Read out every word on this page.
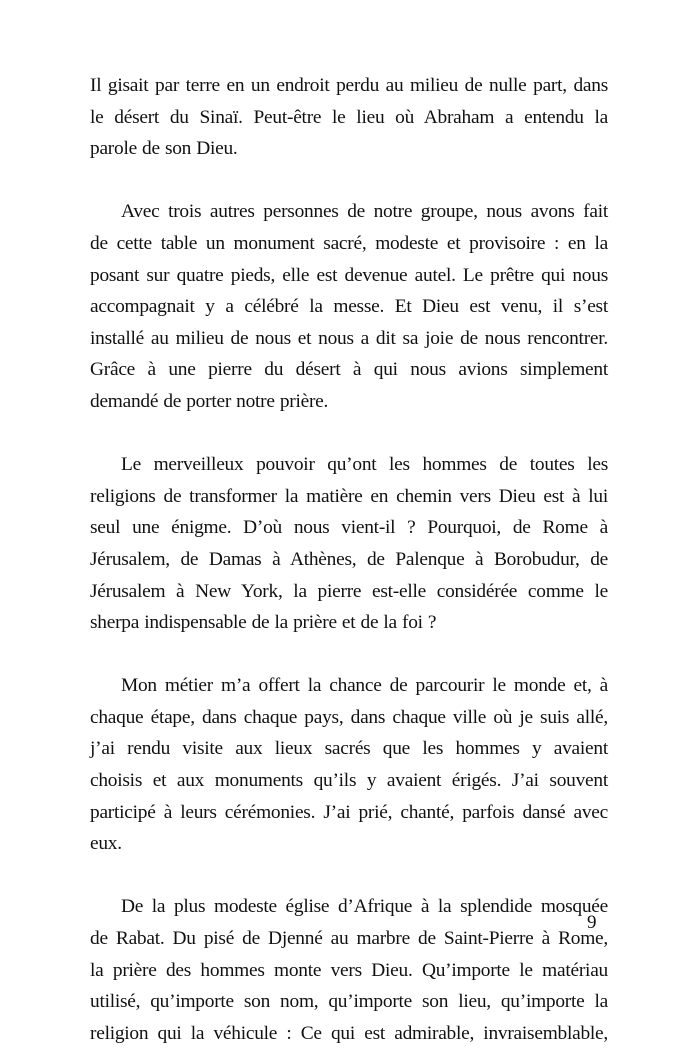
Il gisait par terre en un endroit perdu au milieu de nulle part, dans
le désert du Sinaï. Peut-être le lieu où Abraham a entendu la
parole de son Dieu.
Avec trois autres personnes de notre groupe, nous avons fait
de cette table un monument sacré, modeste et provisoire : en la
posant sur quatre pieds, elle est devenue autel. Le prêtre qui nous
accompagnait y a célébré la messe. Et Dieu est venu, il s’est
installé au milieu de nous et nous a dit sa joie de nous rencontrer.
Grâce à une pierre du désert à qui nous avions simplement
demandé de porter notre prière.
Le merveilleux pouvoir qu’ont les hommes de toutes les
religions de transformer la matière en chemin vers Dieu est à lui
seul une énigme. D’où nous vient-il ? Pourquoi, de Rome à
Jérusalem, de Damas à Athènes, de Palenque à Borobudur, de
Jérusalem à New York, la pierre est-elle considérée comme le
sherpa indispensable de la prière et de la foi ?
Mon métier m’a offert la chance de parcourir le monde et, à
chaque étape, dans chaque pays, dans chaque ville où je suis allé,
j’ai rendu visite aux lieux sacrés que les hommes y avaient
choisis et aux monuments qu’ils y avaient érigés. J’ai souvent
participé à leurs cérémonies. J’ai prié, chanté, parfois dansé avec
eux.
De la plus modeste église d’Afrique à la splendide mosquée
de Rabat. Du pisé de Djenné au marbre de Saint-Pierre à Rome,
la prière des hommes monte vers Dieu. Qu’importe le matériau
utilisé, qu’importe son nom, qu’importe son lieu, qu’importe la
religion qui la véhicule : Ce qui est admirable, invraisemblable,
9
